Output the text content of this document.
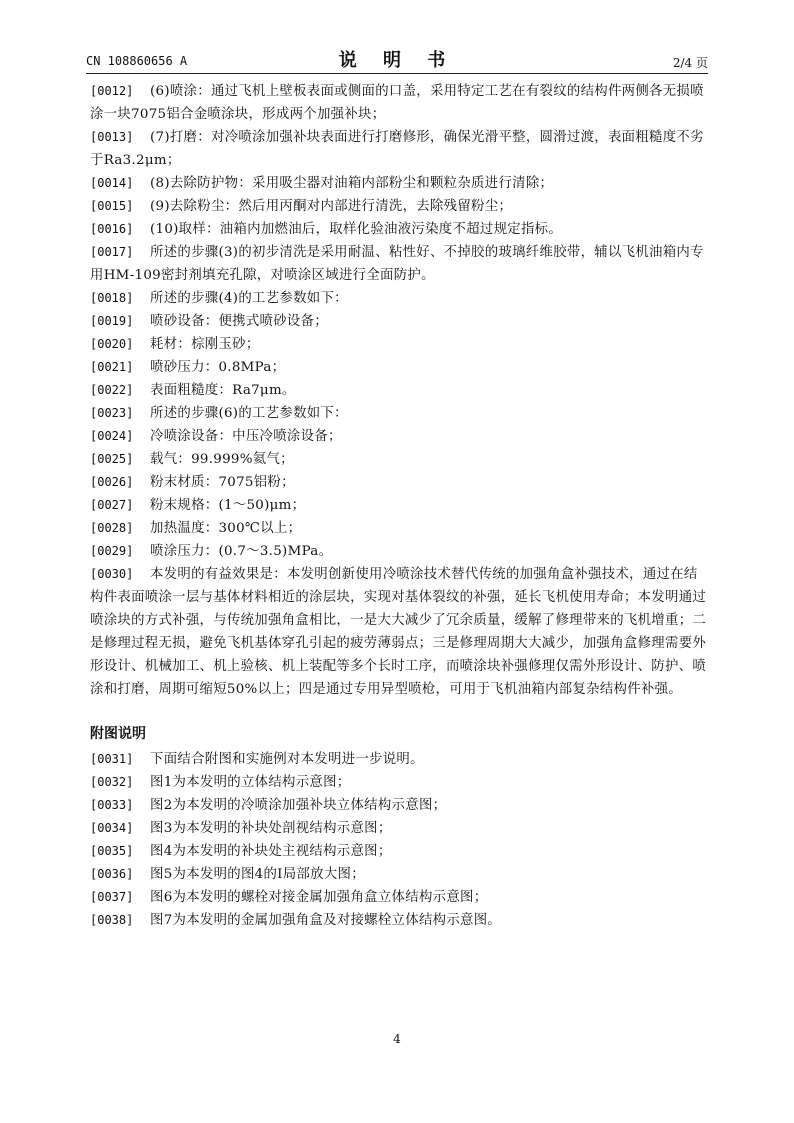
CN 108860656 A	说 明 书	2/4 页
[0012]	(6)喷涂：通过飞机上壁板表面或侧面的口盖，采用特定工艺在有裂纹的结构件两侧各无损喷涂一块7075铝合金喷涂块，形成两个加强补块；
[0013]	(7)打磨：对冷喷涂加强补块表面进行打磨修形，确保光滑平整，圆滑过渡，表面粗糙度不劣于Ra3.2μm；
[0014]	(8)去除防护物：采用吸尘器对油箱内部粉尘和颗粒杂质进行清除；
[0015]	(9)去除粉尘：然后用丙酮对内部进行清洗，去除残留粉尘；
[0016]	(10)取样：油箱内加燃油后，取样化验油液污染度不超过规定指标。
[0017]	所述的步骤(3)的初步清洗是采用耐温、粘性好、不掉胶的玻璃纤维胶带，辅以飞机油箱内专用HM-109密封剂填充孔隙，对喷涂区域进行全面防护。
[0018]	所述的步骤(4)的工艺参数如下：
[0019]	喷砂设备：便携式喷砂设备；
[0020]	耗材：棕刚玉砂；
[0021]	喷砂压力：0.8MPa；
[0022]	表面粗糙度：Ra7μm。
[0023]	所述的步骤(6)的工艺参数如下：
[0024]	冷喷涂设备：中压冷喷涂设备；
[0025]	载气：99.999%氦气；
[0026]	粉末材质：7075铝粉；
[0027]	粉末规格：(1～50)μm；
[0028]	加热温度：300℃以上；
[0029]	喷涂压力：(0.7～3.5)MPa。
[0030]	本发明的有益效果是：本发明创新使用冷喷涂技术替代传统的加强角盒补强技术，通过在结构件表面喷涂一层与基体材料相近的涂层块，实现对基体裂纹的补强，延长飞机使用寿命；本发明通过喷涂块的方式补强，与传统加强角盒相比，一是大大减少了冗余质量，缓解了修理带来的飞机增重；二是修理过程无损，避免飞机基体穿孔引起的疲劳薄弱点；三是修理周期大大减少，加强角盒修理需要外形设计、机械加工、机上验核、机上装配等多个长时工序，而喷涂块补强修理仅需外形设计、防护、喷涂和打磨，周期可缩短50%以上；四是通过专用异型喷枪，可用于飞机油箱内部复杂结构件补强。
附图说明
[0031]	下面结合附图和实施例对本发明进一步说明。
[0032]	图1为本发明的立体结构示意图；
[0033]	图2为本发明的冷喷涂加强补块立体结构示意图；
[0034]	图3为本发明的补块处剖视结构示意图；
[0035]	图4为本发明的补块处主视结构示意图；
[0036]	图5为本发明的图4的I局部放大图；
[0037]	图6为本发明的螺栓对接金属加强角盒立体结构示意图；
[0038]	图7为本发明的金属加强角盒及对接螺栓立体结构示意图。
4
